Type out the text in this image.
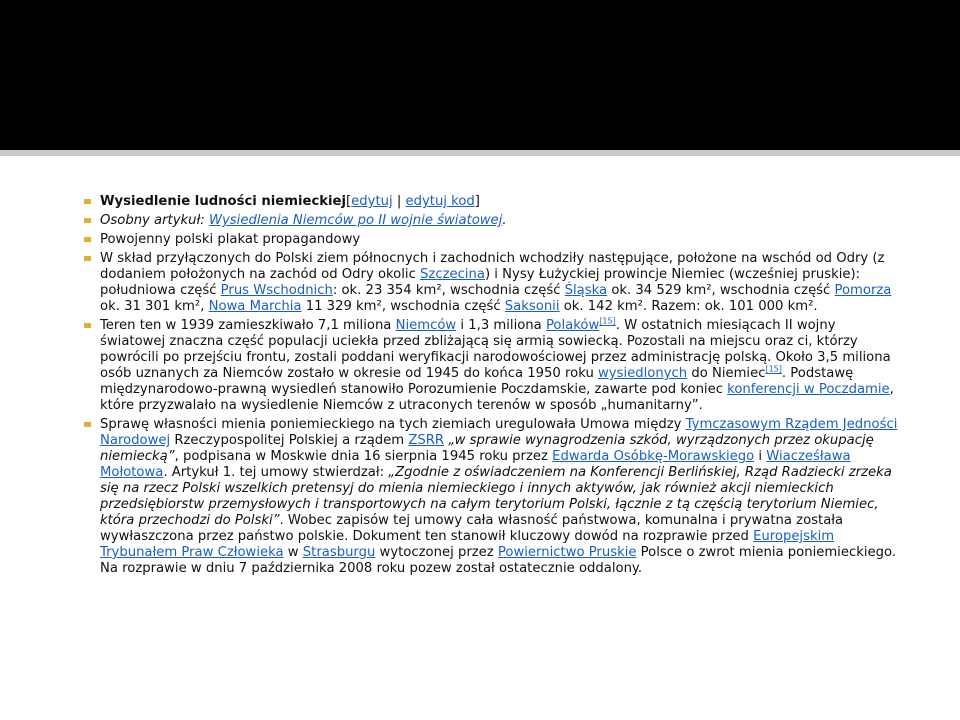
Wysiedlenie ludności niemieckiej[edytuj | edytuj kod]
Osobny artykuł: Wysiedlenia Niemców po II wojnie światowej.
Powojenny polski plakat propagandowy
W skład przyłączonych do Polski ziem północnych i zachodnich wchodziły następujące, położone na wschód od Odry (z dodaniem położonych na zachód od Odry okolic Szczecina) i Nysy Łużyckiej prowincje Niemiec (wcześniej pruskie): południowa część Prus Wschodnich: ok. 23 354 km², wschodnia część Śląska ok. 34 529 km², wschodnia część Pomorza ok. 31 301 km², Nowa Marchia 11 329 km², wschodnia część Saksonii ok. 142 km². Razem: ok. 101 000 km².
Teren ten w 1939 zamieszkiwało 7,1 miliona Niemców i 1,3 miliona Polaków[15]. W ostatnich miesiącach II wojny światowej znaczna część populacji uciekła przed zbliżającą się armią sowiecką. Pozostali na miejscu oraz ci, którzy powrócili po przejściu frontu, zostali poddani weryfikacji narodowościowej przez administrację polską. Około 3,5 miliona osób uznanych za Niemców zostało w okresie od 1945 do końca 1950 roku wysiedlonych do Niemiec[15]. Podstawę międzynarodowo-prawną wysiedleń stanowiło Porozumienie Poczdamskie, zawarte pod koniec konferencji w Poczdamie, które przyzwalało na wysiedlenie Niemców z utraconych terenów w sposób „humanitarny”.
Sprawę własności mienia poniemieckiego na tych ziemiach uregulowała Umowa między Tymczasowym Rządem Jedności Narodowej Rzeczypospolitej Polskiej a rządem ZSRR „w sprawie wynagrodzenia szkód, wyrządzonych przez okupację niemiecką”, podpisana w Moskwie dnia 16 sierpnia 1945 roku przez Edwarda Osóbkę-Morawskiego i Wiacześława Mołotowa. Artykuł 1. tej umowy stwierdzał: „Zgodnie z oświadczeniem na Konferencji Berlińskiej, Rząd Radziecki zrzeka się na rzecz Polski wszelkich pretensyj do mienia niemieckiego i innych aktywów, jak również akcji niemieckich przedsiębiorstw przemysłowych i transportowych na całym terytorium Polski, łącznie z tą częścią terytorium Niemiec, która przechodzi do Polski”. Wobec zapisów tej umowy cała własność państwowa, komunalna i prywatna została wywłaszczona przez państwo polskie. Dokument ten stanowił kluczowy dowód na rozprawie przed Europejskim Trybunałem Praw Człowieka w Strasburgu wytoczonej przez Powiernictwo Pruskie Polsce o zwrot mienia poniemieckiego. Na rozprawie w dniu 7 października 2008 roku pozew został ostatecznie oddalony.
